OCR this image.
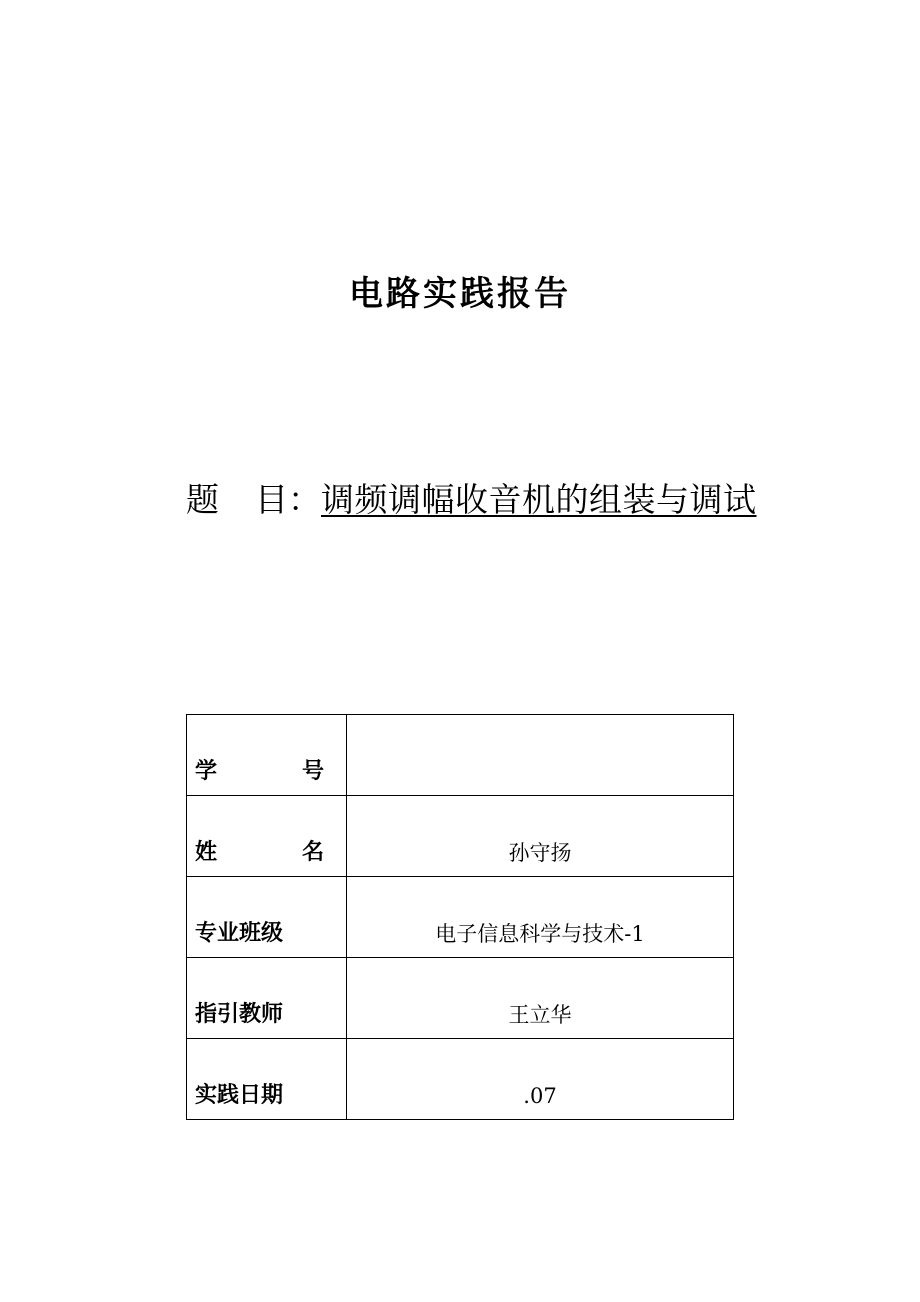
电路实践报告
题 目 ： 调频调幅收音机的组装与调试
学 号	

姓 名	孙守扬
专业班级	电子信息科学与技术-1
指引教师	王立华
实践日期	.07
